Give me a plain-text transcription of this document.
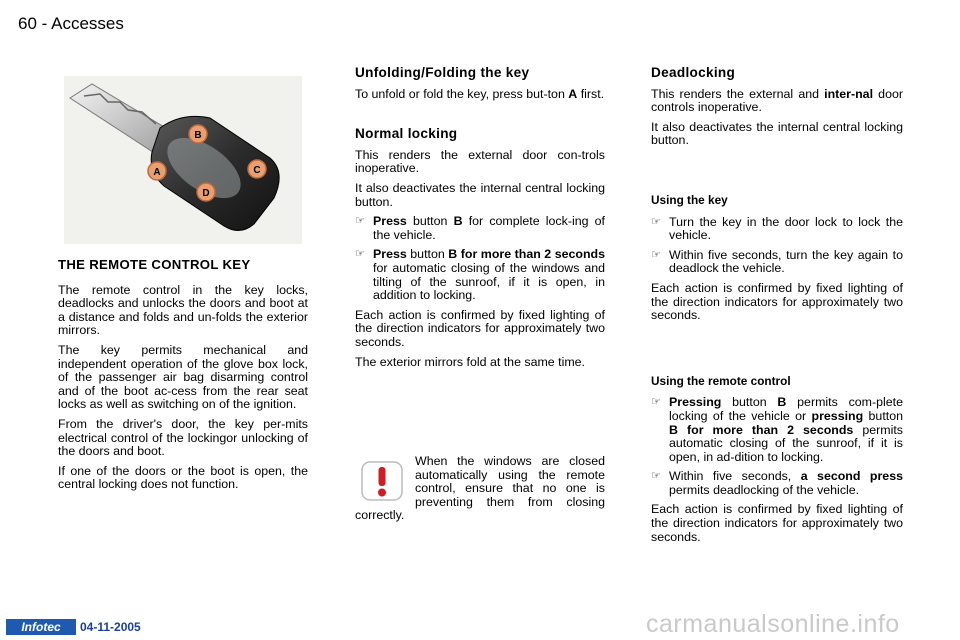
60 - Accesses
B
A	C
D
THE REMOTE CONTROL KEY

The remote control in the key locks, deadlocks and unlocks the doors and boot at a distance and folds and un-folds the exterior mirrors.

The key permits mechanical and independent operation of the glove box lock, of the passenger air bag disarming control and of the boot ac-cess from the rear seat locks as well as switching on of the ignition.

From the driver's door, the key per-mits electrical control of the lockingor unlocking of the doors and boot.

If one of the doors or the boot is open, the central locking does not function.

Unfolding/Folding the key

To unfold or fold the key, press but-ton A first.

Normal locking

This renders the external door con-trols inoperative.

It also deactivates the internal central locking button.

☞ Press button B for complete lock-ing of the vehicle.
☞ Press button B for more than 2 seconds for automatic closing of the windows and tilting of the sunroof, if it is open, in addition to locking.

Each action is confirmed by fixed lighting of the direction indicators for approximately two seconds.

The exterior mirrors fold at the same time.

When the windows are closed automatically using the remote control, ensure that no one is preventing them from closing correctly.

Deadlocking

This renders the external and inter-nal door controls inoperative.

It also deactivates the internal central locking button.

Using the key
☞ Turn the key in the door lock to lock the vehicle.
☞ Within five seconds, turn the key again to deadlock the vehicle.

Each action is confirmed by fixed lighting of the direction indicators for approximately two seconds.

Using the remote control
☞ Pressing button B permits com-plete locking of the vehicle or pressing button B for more than 2 seconds permits automatic closing of the sunroof, if it is open, in ad-dition to locking.
☞ Within five seconds, a second press permits deadlocking of the vehicle.

Each action is confirmed by fixed lighting of the direction indicators for approximately two seconds.

Infotec	04-11-2005	carmanualsonline.info
